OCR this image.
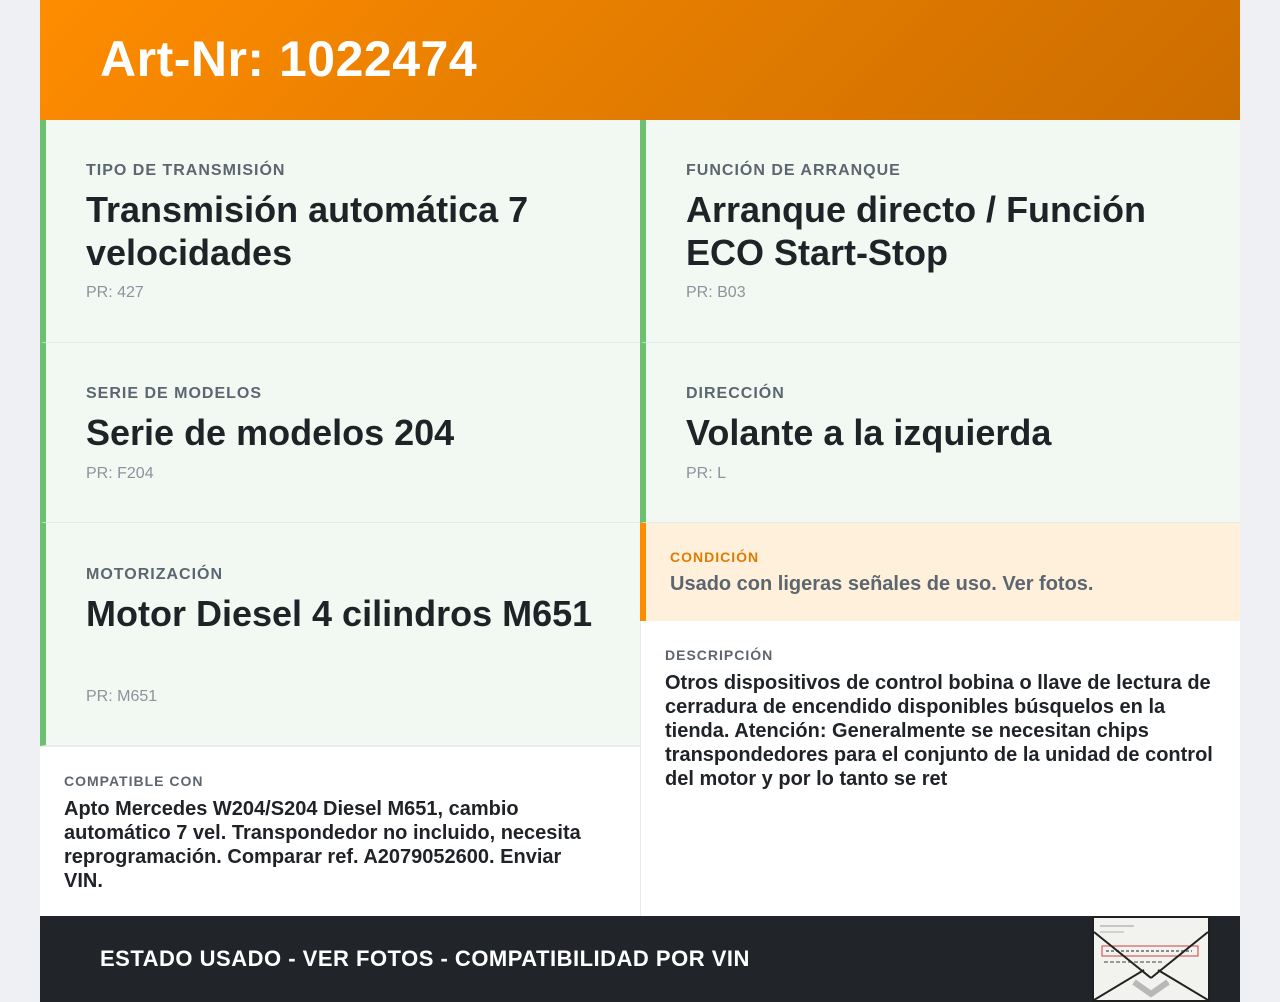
Art-Nr: 1022474
TIPO DE TRANSMISIÓN
Transmisión automática 7 velocidades
PR: 427
FUNCIÓN DE ARRANQUE
Arranque directo / Función ECO Start-Stop
PR: B03
SERIE DE MODELOS
Serie de modelos 204
PR: F204
DIRECCIÓN
Volante a la izquierda
PR: L
MOTORIZACIÓN
Motor Diesel 4 cilindros M651
PR: M651
CONDICIÓN
Usado con ligeras señales de uso. Ver fotos.
DESCRIPCIÓN
Otros dispositivos de control bobina o llave de lectura de cerradura de encendido disponibles búsquelos en la tienda. Atención: Generalmente se necesitan chips transpondedores para el conjunto de la unidad de control del motor y por lo tanto se ret
COMPATIBLE CON
Apto Mercedes W204/S204 Diesel M651, cambio automático 7 vel. Transpondedor no incluido, necesita reprogramación. Comparar ref. A2079052600. Enviar VIN.
ESTADO USADO - VER FOTOS - COMPATIBILIDAD POR VIN
